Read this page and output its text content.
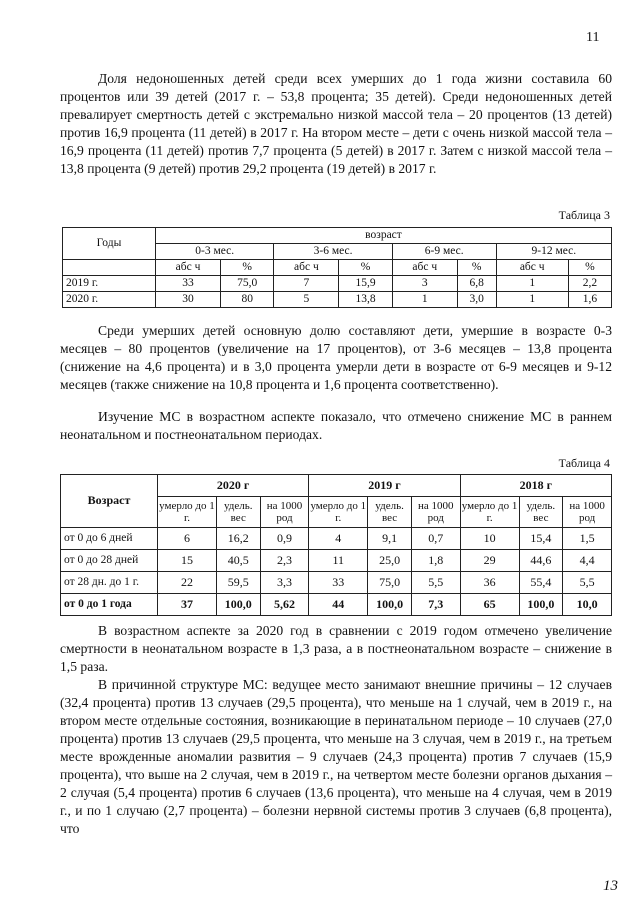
11

Доля недоношенных детей среди всех умерших до 1 года жизни составила 60 процентов или 39 детей (2017 г. – 53,8 процента; 35 детей). Среди недоношенных детей превалирует смертность детей с экстремально низкой массой тела – 20 процентов (13 детей) против 16,9 процента (11 детей) в 2017 г. На втором месте – дети с очень низкой массой тела – 16,9 процента (11 детей) против 7,7 процента (5 детей) в 2017 г. Затем с низкой массой тела – 13,8 процента (9 детей) против 29,2 процента (19 детей) в 2017 г.

Таблица 3
Годы	возраст							
	0-3 мес.		3-6 мес.		6-9 мес.		9-12 мес.	
	абс ч	%	абс ч	%	абс ч	%	абс ч	%
2019 г.	33	75,0	7	15,9	3	6,8	1	2,2
2020 г.	30	80	5	13,8	1	3,0	1	1,6

Среди умерших детей основную долю составляют дети, умершие в возрасте 0-3 месяцев – 80 процентов (увеличение на 17 процентов), от 3-6 месяцев – 13,8 процента (снижение на 4,6 процента) и в 3,0 процента умерли дети в возрасте от 6-9 месяцев и 9-12 месяцев (также снижение на 10,8 процента и 1,6 процента соответственно).

Изучение МС в возрастном аспекте показало, что отмечено снижение МС в раннем неонатальном и постнеонатальном периодах.

Таблица 4
Возраст	2020 г			2019 г			2018 г		
	умерло до 1 г.	удель. вес	на 1000 род	умерло до 1 г.	удель. вес	на 1000 род	умерло до 1 г.	удель. вес	на 1000 род
от 0 до 6 дней	6	16,2	0,9	4	9,1	0,7	10	15,4	1,5
от 0 до 28 дней	15	40,5	2,3	11	25,0	1,8	29	44,6	4,4
от 28 дн. до 1 г.	22	59,5	3,3	33	75,0	5,5	36	55,4	5,5
от 0 до 1 года	37	100,0	5,62	44	100,0	7,3	65	100,0	10,0

В возрастном аспекте за 2020 год в сравнении с 2019 годом отмечено увеличение смертности в неонатальном возрасте в 1,3 раза, а в постнеонатальном возрасте – снижение в 1,5 раза.

В причинной структуре МС: ведущее место занимают внешние причины – 12 случаев (32,4 процента) против 13 случаев (29,5 процента), что меньше на 1 случай, чем в 2019 г., на втором месте отдельные состояния, возникающие в перинатальном периоде – 10 случаев (27,0 процента) против 13 случаев (29,5 процента, что меньше на 3 случая, чем в 2019 г., на третьем месте врожденные аномалии развития – 9 случаев (24,3 процента) против 7 случаев (15,9 процента), что выше на 2 случая, чем в 2019 г., на четвертом месте болезни органов дыхания – 2 случая (5,4 процента) против 6 случаев (13,6 процента), что меньше на 4 случая, чем в 2019 г., и по 1 случаю (2,7 процента) – болезни нервной системы против 3 случаев (6,8 процента), что

13
